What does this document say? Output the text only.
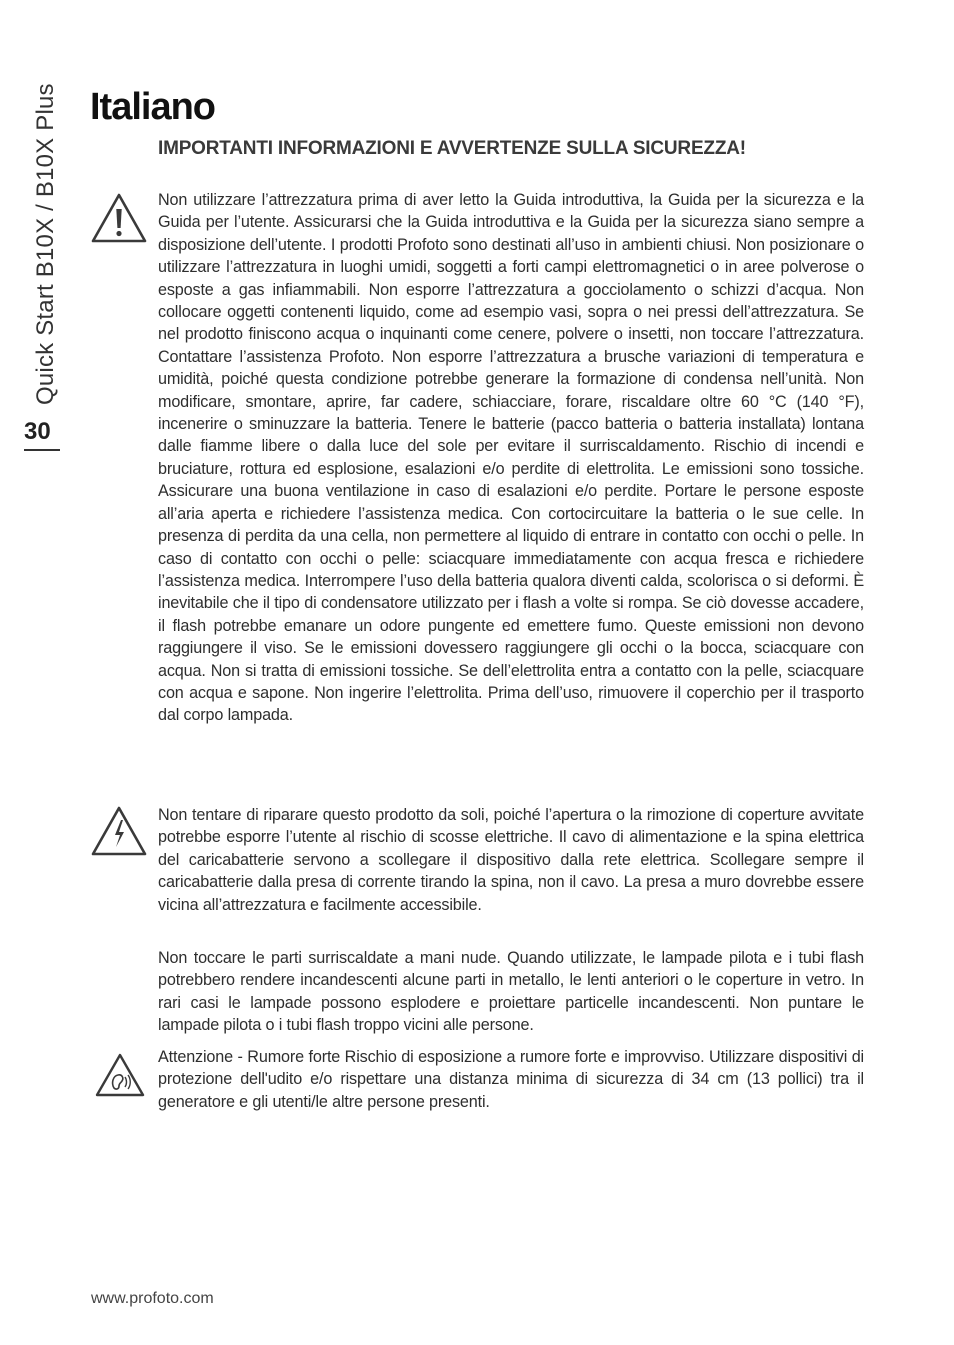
Quick Start B10X / B10X Plus
30
Italiano
IMPORTANTI INFORMAZIONI E AVVERTENZE SULLA SICUREZZA!

Non utilizzare l’attrezzatura prima di aver letto la Guida introduttiva, la Guida per la sicurezza e la Guida per l’utente. Assicurarsi che la Guida introduttiva e la Guida per la sicurezza siano sempre a disposizione dell’utente. I prodotti Profoto sono destinati all’uso in ambienti chiusi. Non posizionare o utilizzare l’attrezzatura in luoghi umidi, soggetti a forti campi elettromagnetici o in aree polverose o esposte a gas infiammabili. Non esporre l’attrezzatura a gocciolamento o schizzi d’acqua. Non collocare oggetti contenenti liquido, come ad esempio vasi, sopra o nei pressi dell’attrezzatura. Se nel prodotto finiscono acqua o inquinanti come cenere, polvere o insetti, non toccare l’attrezzatura. Contattare l’assistenza Profoto. Non esporre l’attrezzatura a brusche variazioni di temperatura e umidità, poiché questa condizione potrebbe generare la formazione di condensa nell’unità. Non modificare, smontare, aprire, far cadere, schiacciare, forare, riscaldare oltre 60 °C (140 °F), incenerire o sminuzzare la batteria. Tenere le batterie (pacco batteria o batteria installata) lontana dalle fiamme libere o dalla luce del sole per evitare il surriscaldamento. Rischio di incendi e bruciature, rottura ed esplosione, esalazioni e/o perdite di elettrolita. Le emissioni sono tossiche. Assicurare una buona ventilazione in caso di esalazioni e/o perdite. Portare le persone esposte all’aria aperta e richiedere l’assistenza medica. Con cortocircuitare la batteria o le sue celle. In presenza di perdita da una cella, non permettere al liquido di entrare in contatto con occhi o pelle. In caso di contatto con occhi o pelle: sciacquare immediatamente con acqua fresca e richiedere l’assistenza medica. Interrompere l’uso della batteria qualora diventi calda, scolorisca o si deformi. È inevitabile che il tipo di condensatore utilizzato per i flash a volte si rompa. Se ciò dovesse accadere, il flash potrebbe emanare un odore pungente ed emettere fumo. Queste emissioni non devono raggiungere il viso. Se le emissioni dovessero raggiungere gli occhi o la bocca, sciacquare con acqua. Non si tratta di emissioni tossiche. Se dell’elettrolita entra a contatto con la pelle, sciacquare con acqua e sapone. Non ingerire l’elettrolita. Prima dell’uso, rimuovere il coperchio per il trasporto dal corpo lampada.

Non tentare di riparare questo prodotto da soli, poiché l’apertura o la rimozione di coperture avvitate potrebbe esporre l’utente al rischio di scosse elettriche. Il cavo di alimentazione e la spina elettrica del caricabatterie servono a scollegare il dispositivo dalla rete elettrica. Scollegare sempre il caricabatterie dalla presa di corrente tirando la spina, non il cavo. La presa a muro dovrebbe essere vicina all’attrezzatura e facilmente accessibile.

Non toccare le parti surriscaldate a mani nude. Quando utilizzate, le lampade pilota e i tubi flash potrebbero rendere incandescenti alcune parti in metallo, le lenti anteriori o le coperture in vetro. In rari casi le lampade possono esplodere e proiettare particelle incandescenti. Non puntare le lampade pilota o i tubi flash troppo vicini alle persone.

Attenzione - Rumore forte Rischio di esposizione a rumore forte e improvviso. Utilizzare dispositivi di protezione dell'udito e/o rispettare una distanza minima di sicurezza di 34 cm (13 pollici) tra il generatore e gli utenti/le altre persone presenti.

www.profoto.com
